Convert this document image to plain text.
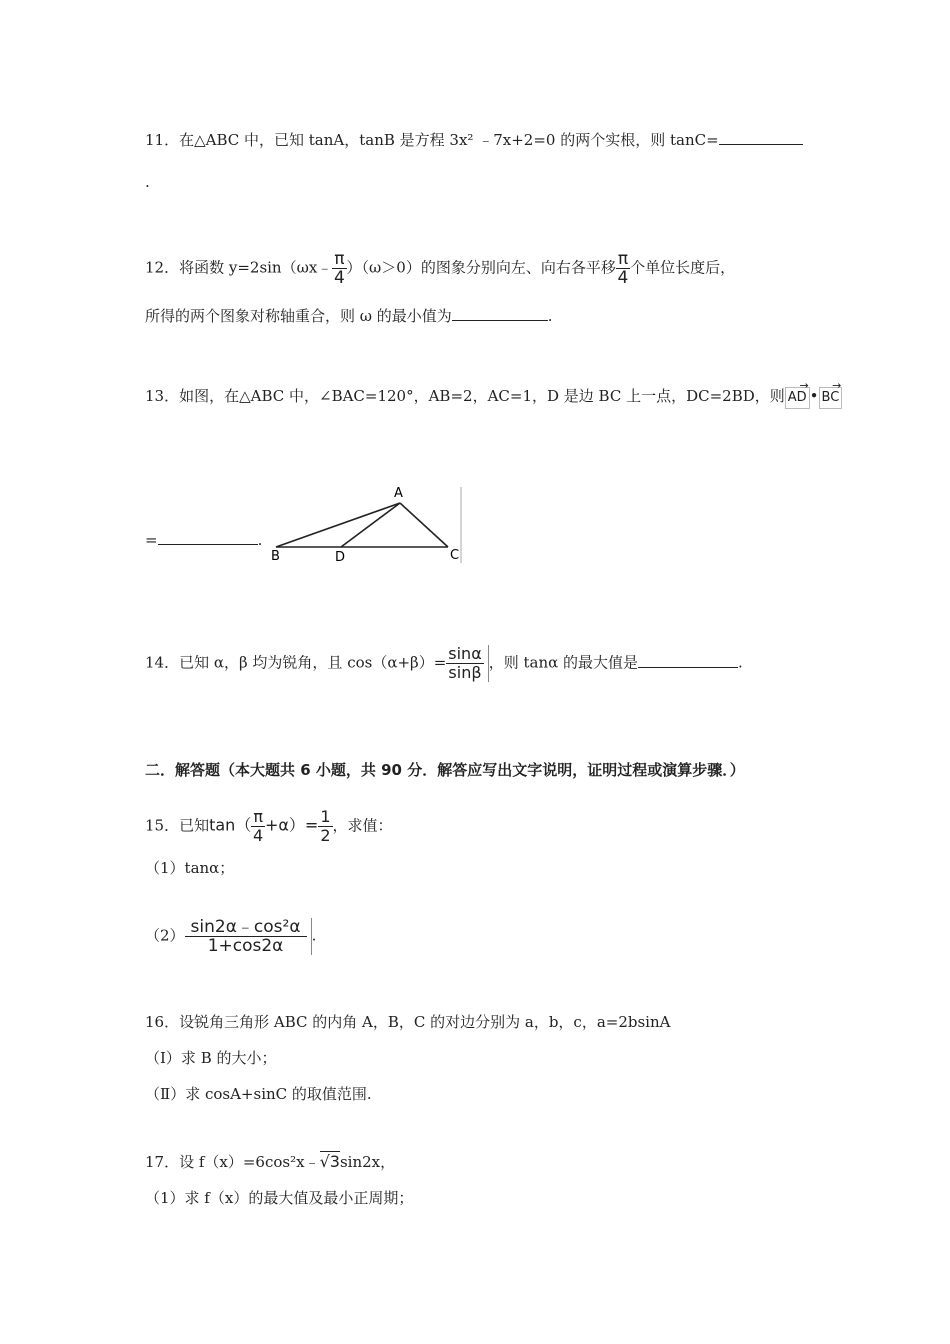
11．在△ABC 中，已知 tanA，tanB 是方程 3x² ﹣7x+2=0 的两个实根，则 tanC=
.
12．将函数 y=2sin（ωx﹣ $\frac{\pi}{4} )(\omega>0)$的图象分别向左、向右各平移 $\frac{\pi}{4}$ 个单位长度后，
所得的两个图象对称轴重合，则 ω 的最小值为	.
13．如图，在△ABC 中，∠BAC=120°，AB=2，AC=1，D 是边 BC 上一点，DC=2BD，则 → AD • → BC
=	.
A
B	C
D
14．已知 α，β 均为锐角，且 $\cos(\alpha+\beta)= \frac{\sin\alpha}{\sin\beta}$ ，则 tanα 的最大值是	.
二．解答题（本大题共 6 小题，共 90 分．解答应写出文字说明，证明过程或演算步骤．）
15．已知$\tan( \frac{\pi}{4} +\alpha)= \frac{1}{2}$ ，求值：
（1）tanα；
$(2) \frac{\text{sin2α﹣cos²α}}{1+\cos 2\alpha}$ .
16．设锐角三角形 ABC 的内角 A，B，C 的对边分别为 a，b，c，a=2bsinA
（Ⅰ）求 B 的大小；
（Ⅱ）求 cosA+sinC 的取值范围.
17．设 f（x）=6cos²x﹣√3sin2x，
（1）求 f（x）的最大值及最小正周期；
